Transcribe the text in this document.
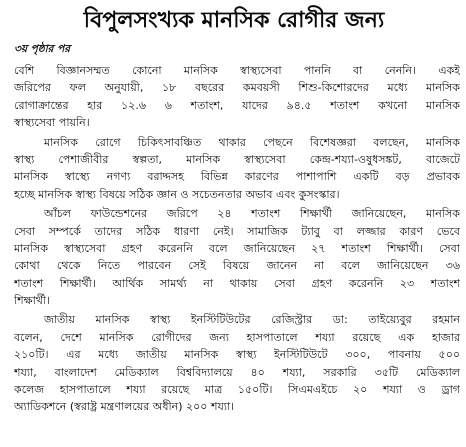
বিপুলসংখ্যক মানসিক রোগীর জন্য
৩য় পৃষ্ঠার পর
বেশি বিজ্ঞানসম্মত কোনো মানসিক স্বাস্থ্যসেবা পাননি বা নেননি। একই
জরিপের ফল অনুযায়ী, ১৮ বছরের কমবয়সী শিশু-কিশোরদের মধ্যে মানসিক
রোগাক্রান্তের হার ১২.৬ ৬ শতাংশ, যাদের ৯৪.৫ শতাংশ কখনো মানসিক
স্বাস্থ্যসেবা পায়নি।
মানসিক রোগে চিকিৎসাবঞ্চিত থাকার পেছনে বিশেষজ্ঞরা বলছেন, মানসিক
স্বাস্থ্য পেশাজীবীর স্বল্পতা, মানসিক স্বাস্থ্যসেবা কেন্দ্র-শয্যা-ওষুধসঙ্কট, বাজেটে
মানসিক স্বাস্থ্যে নগণ্য বরাদ্দসহ বিভিন্ন কারণের পাশাপাশি একটি বড় প্রভাবক
হচ্ছে মানসিক স্বাস্থ্য বিষয়ে সঠিক জ্ঞান ও সচেতনতার অভাব এবং কুসংস্কার।
আঁচল ফাউন্ডেশনের জরিপে ২৪ শতাংশ শিক্ষার্থী জানিয়েছেন, মানসিক
সেবা সম্পর্কে তাদের সঠিক ধারণা নেই। সামাজিক ট্যাবু বা লজ্জার কারণ ভেবে
মানসিক স্বাস্থ্যসেবা গ্রহণ করেননি বলে জানিয়েছেন ২৭ শতাংশ শিক্ষার্থী। সেবা
কোথা থেকে নিতে পারবেন সেই বিষয়ে জানেন না বলে জানিয়েছেন ৩৬
শতাংশ শিক্ষার্থী। আর্থিক সামর্থ্য না থাকায় সেবা গ্রহণ করেননি ২৩ শতাংশ
শিক্ষার্থী।
জাতীয় মানসিক স্বাস্থ্য ইনস্টিটিউটের রেজিস্ট্রার ডা: তাইয়্যেবুর রহমান
বলেন, দেশে মানসিক রোগীদের জন্য হাসপাতালে শয্যা রয়েছে এক হাজার
২১০টি। এর মধ্যে জাতীয় মানসিক স্বাস্থ্য ইনস্টিটিউটে ৩০০, পাবনায় ৫০০
শয্যা, বাংলাদেশ মেডিক্যাল বিশ্ববিদ্যালয়ে ৪০ শয্যা, সরকারি ৩৫টি মেডিক্যাল
কলেজ হাসপাতালে শয্যা রয়েছে মাত্র ১৫০টি। সিএমএইচে ২০ শয্যা ও ড্রাগ
অ্যাডিকশনে (স্বরাষ্ট্র মন্ত্রণালয়ের অধীন) ২০০ শয্যা।
